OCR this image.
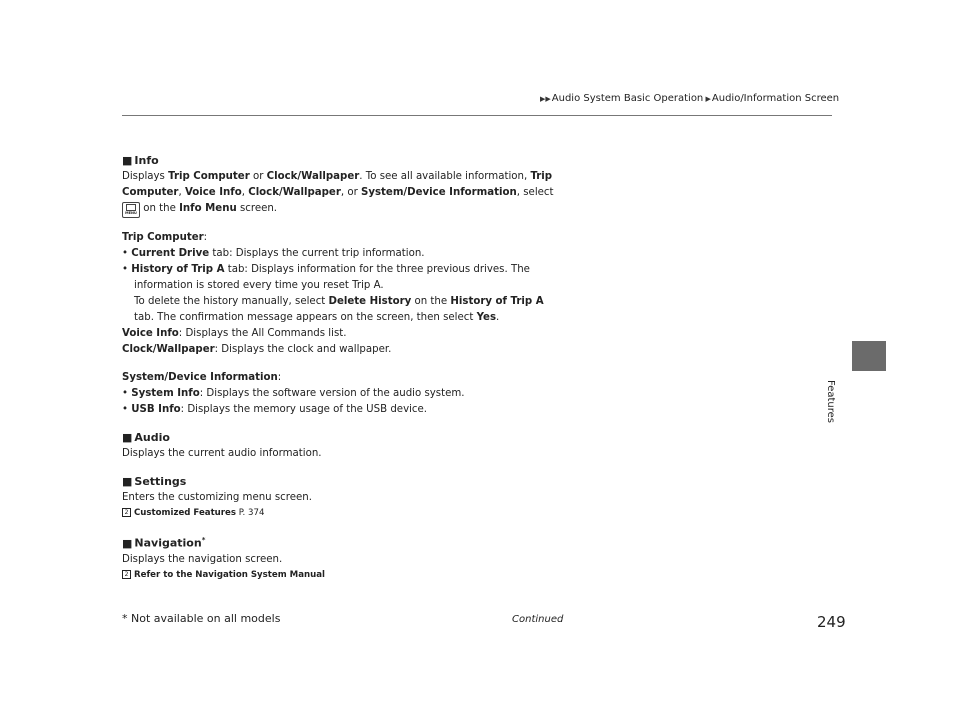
▶▶Audio System Basic Operation ▶Audio/Information Screen
Features

■ Info

Displays Trip Computer or Clock/Wallpaper. To see all available information, Trip

Computer, Voice Info, Clock/Wallpaper, or System/Device Information, select

MENU on the Info Menu screen.

Trip Computer:

• Current Drive tab: Displays the current trip information.

• History of Trip A tab: Displays information for the three previous drives. The information is stored every time you reset Trip A.

To delete the history manually, select Delete History on the History of Trip A tab. The confirmation message appears on the screen, then select Yes.

Voice Info: Displays the All Commands list.

Clock/Wallpaper: Displays the clock and wallpaper.

System/Device Information:

• System Info: Displays the software version of the audio system.

• USB Info: Displays the memory usage of the USB device.

■ Audio

Displays the current audio information.

■ Settings

Enters the customizing menu screen.

2 Customized Features P. 374

■ Navigation*

Displays the navigation screen.

2 Refer to the Navigation System Manual

* Not available on all models	Continued	249
